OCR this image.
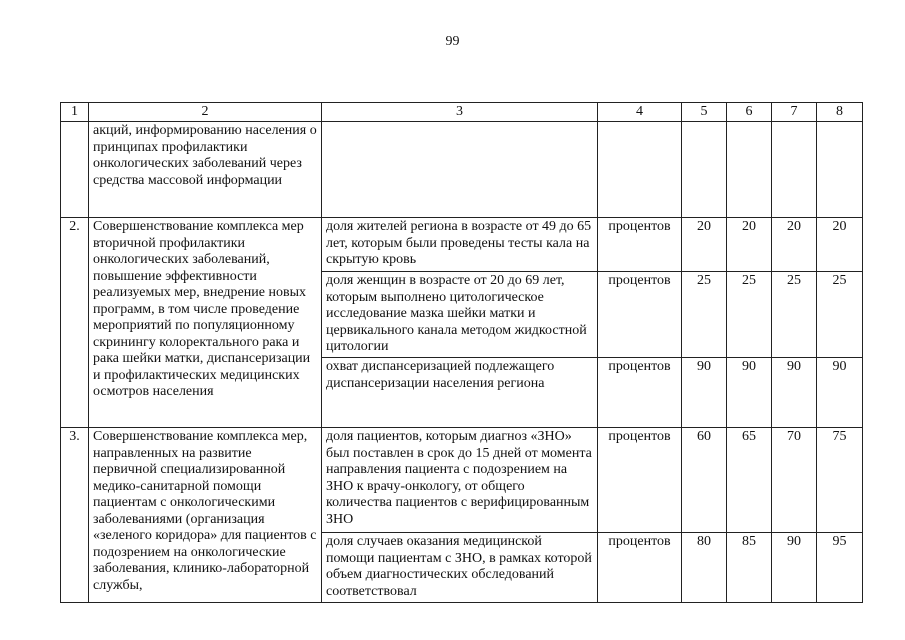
99
1	2	3	4	5	6	7	8
	акций, информированию населения о принципах профилактики онкологических заболеваний через средства массовой информации						
2.	Совершенствование комплекса мер вторичной профилактики онкологических заболеваний, повышение эффективности реализуемых мер, внедрение новых программ, в том числе проведение мероприятий по популяционному скринингу колоректального рака и рака шейки матки, диспансеризации и профилактических медицинских осмотров населения	доля жителей региона в возрасте от 49 до 65 лет, которым были проведены тесты кала на скрытую кровь	процентов	20	20	20	20
		доля женщин в возрасте от 20 до 69 лет, которым выполнено цитологическое исследование мазка шейки матки и цервикального канала методом жидкостной цитологии	процентов	25	25	25	25
		охват диспансеризацией подлежащего диспансеризации населения региона	процентов	90	90	90	90
3.	Совершенствование комплекса мер, направленных на развитие первичной специализированной медико-санитарной помощи пациентам с онкологическими заболеваниями (организация «зеленого коридора» для пациентов с подозрением на онкологические заболевания, клинико-лабораторной службы,	доля пациентов, которым диагноз «ЗНО» был поставлен в срок до 15 дней от момента направления пациента с подозрением на ЗНО к врачу-онкологу, от общего количества пациентов с верифицированным ЗНО	процентов	60	65	70	75
		доля случаев оказания медицинской помощи пациентам с ЗНО, в рамках которой объем диагностических обследований соответствовал	процентов	80	85	90	95
